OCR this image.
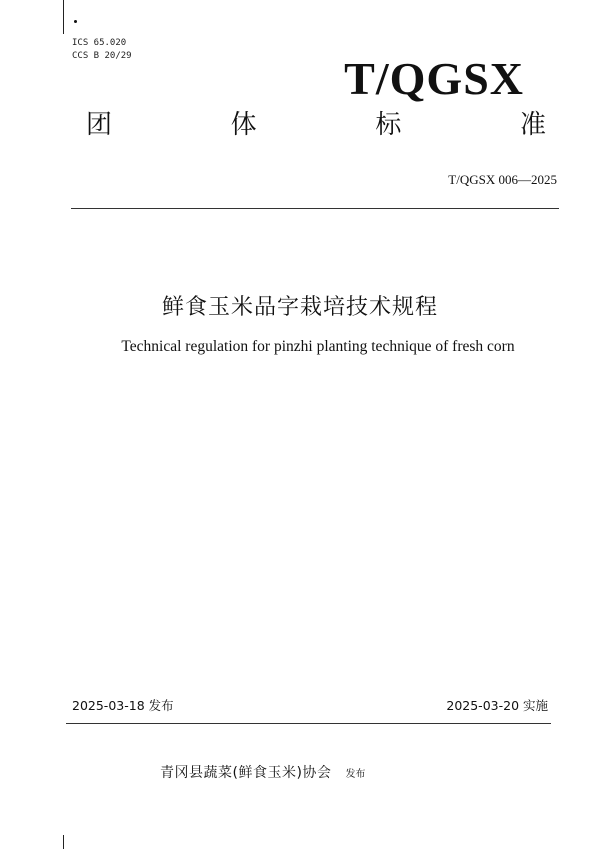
ICS 65.020
CCS B 20/29	T/QGSX
团	体	标	准
T/QGSX 006—2025
鲜食玉米品字栽培技术规程
Technical regulation for pinzhi planting technique of fresh corn
2025-03-18 发布	2025-03-20 实施
青冈县蔬菜(鲜食玉米)协会 发布
